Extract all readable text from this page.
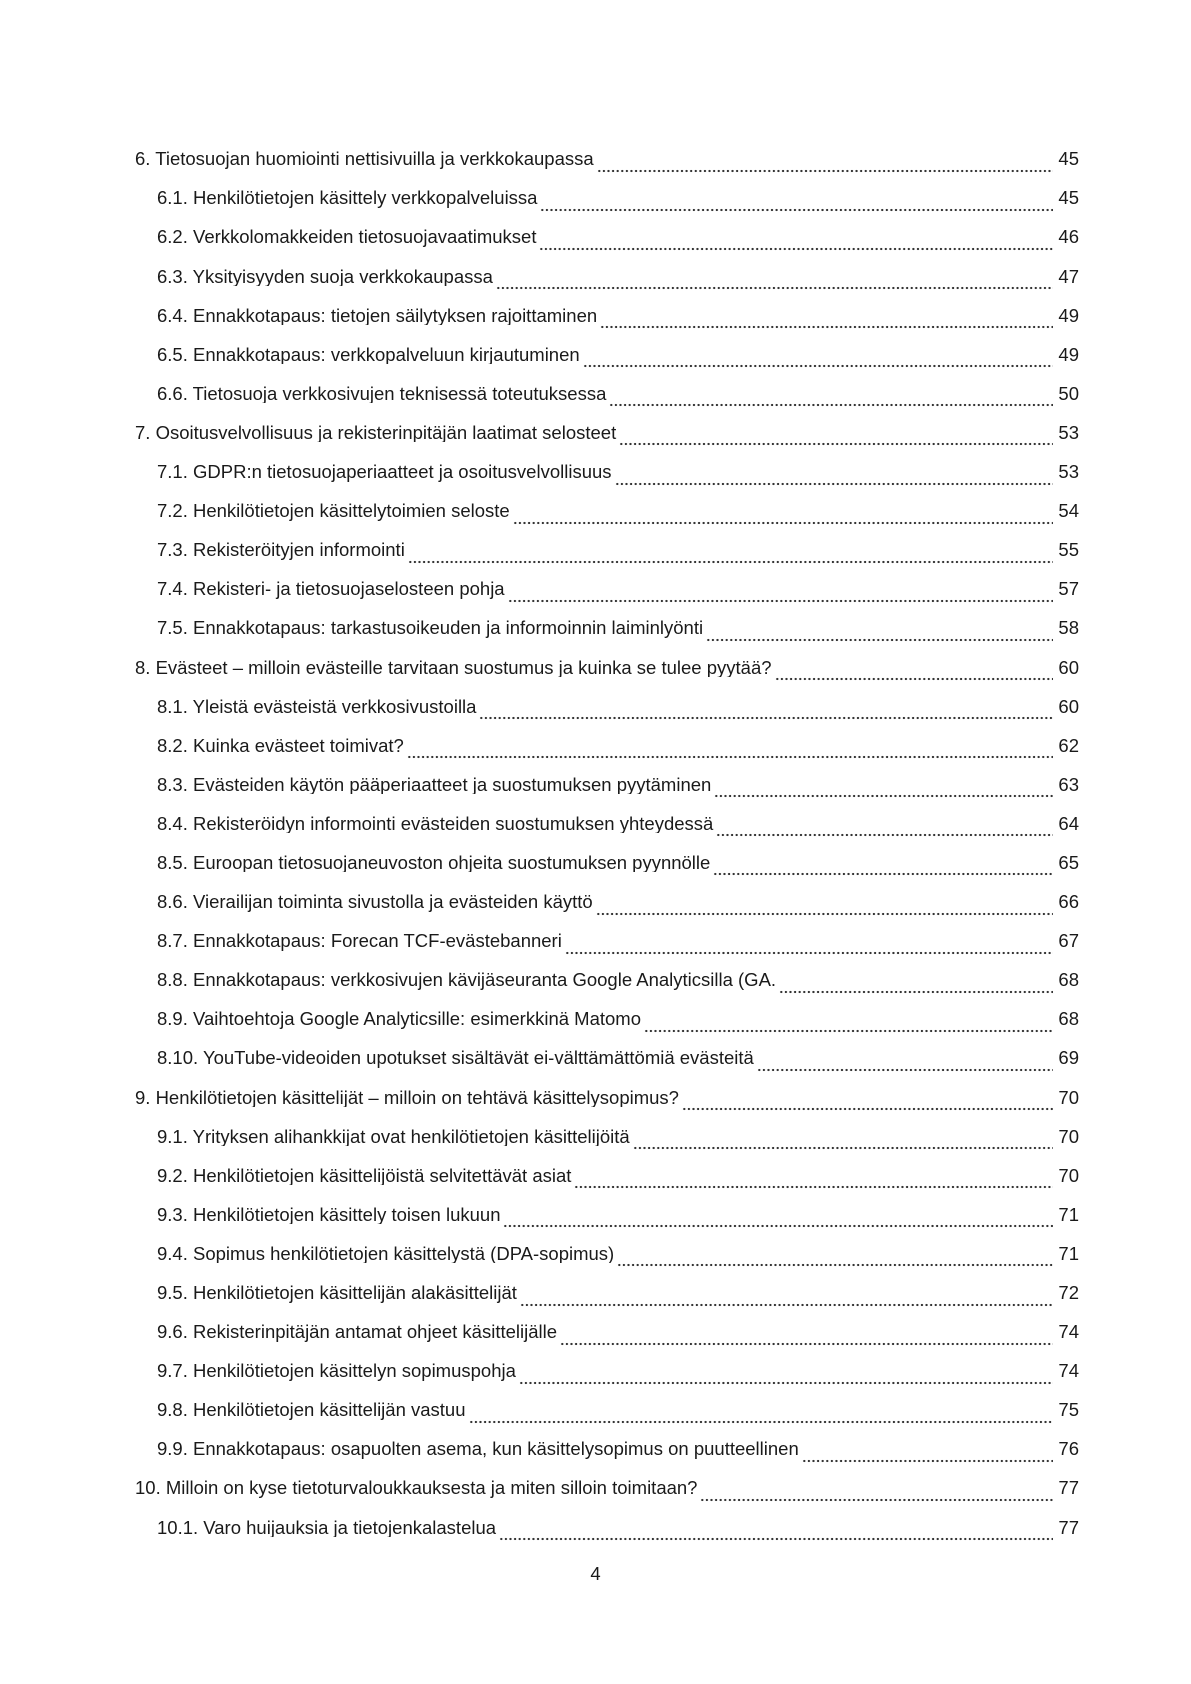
6. Tietosuojan huomiointi nettisivuilla ja verkkokaupassa	45
6.1. Henkilötietojen käsittely verkkopalveluissa	45
6.2. Verkkolomakkeiden tietosuojavaatimukset	46
6.3. Yksityisyyden suoja verkkokaupassa	47
6.4. Ennakkotapaus: tietojen säilytyksen rajoittaminen	49
6.5. Ennakkotapaus: verkkopalveluun kirjautuminen	49
6.6. Tietosuoja verkkosivujen teknisessä toteutuksessa	50
7. Osoitusvelvollisuus ja rekisterinpitäjän laatimat selosteet	53
7.1. GDPR:n tietosuojaperiaatteet ja osoitusvelvollisuus	53
7.2. Henkilötietojen käsittelytoimien seloste	54
7.3. Rekisteröityjen informointi	55
7.4. Rekisteri- ja tietosuojaselosteen pohja	57
7.5. Ennakkotapaus: tarkastusoikeuden ja informoinnin laiminlyönti	58
8. Evästeet – milloin evästeille tarvitaan suostumus ja kuinka se tulee pyytää?	60
8.1. Yleistä evästeistä verkkosivustoilla	60
8.2. Kuinka evästeet toimivat?	62
8.3. Evästeiden käytön pääperiaatteet ja suostumuksen pyytäminen	63
8.4. Rekisteröidyn informointi evästeiden suostumuksen yhteydessä	64
8.5. Euroopan tietosuojaneuvoston ohjeita suostumuksen pyynnölle	65
8.6. Vierailijan toiminta sivustolla ja evästeiden käyttö	66
8.7. Ennakkotapaus: Forecan TCF-evästebanneri	67
8.8. Ennakkotapaus: verkkosivujen kävijäseuranta Google Analyticsilla (GA.	68
8.9. Vaihtoehtoja Google Analyticsille: esimerkkinä Matomo	68
8.10. YouTube-videoiden upotukset sisältävät ei-välttämättömiä evästeitä	69
9. Henkilötietojen käsittelijät – milloin on tehtävä käsittelysopimus?	70
9.1. Yrityksen alihankkijat ovat henkilötietojen käsittelijöitä	70
9.2. Henkilötietojen käsittelijöistä selvitettävät asiat	70
9.3. Henkilötietojen käsittely toisen lukuun	71
9.4. Sopimus henkilötietojen käsittelystä (DPA-sopimus)	71
9.5. Henkilötietojen käsittelijän alakäsittelijät	72
9.6. Rekisterinpitäjän antamat ohjeet käsittelijälle	74
9.7. Henkilötietojen käsittelyn sopimuspohja	74
9.8. Henkilötietojen käsittelijän vastuu	75
9.9. Ennakkotapaus: osapuolten asema, kun käsittelysopimus on puutteellinen	76
10. Milloin on kyse tietoturvaloukkauksesta ja miten silloin toimitaan?	77
10.1. Varo huijauksia ja tietojenkalastelua	77
4
